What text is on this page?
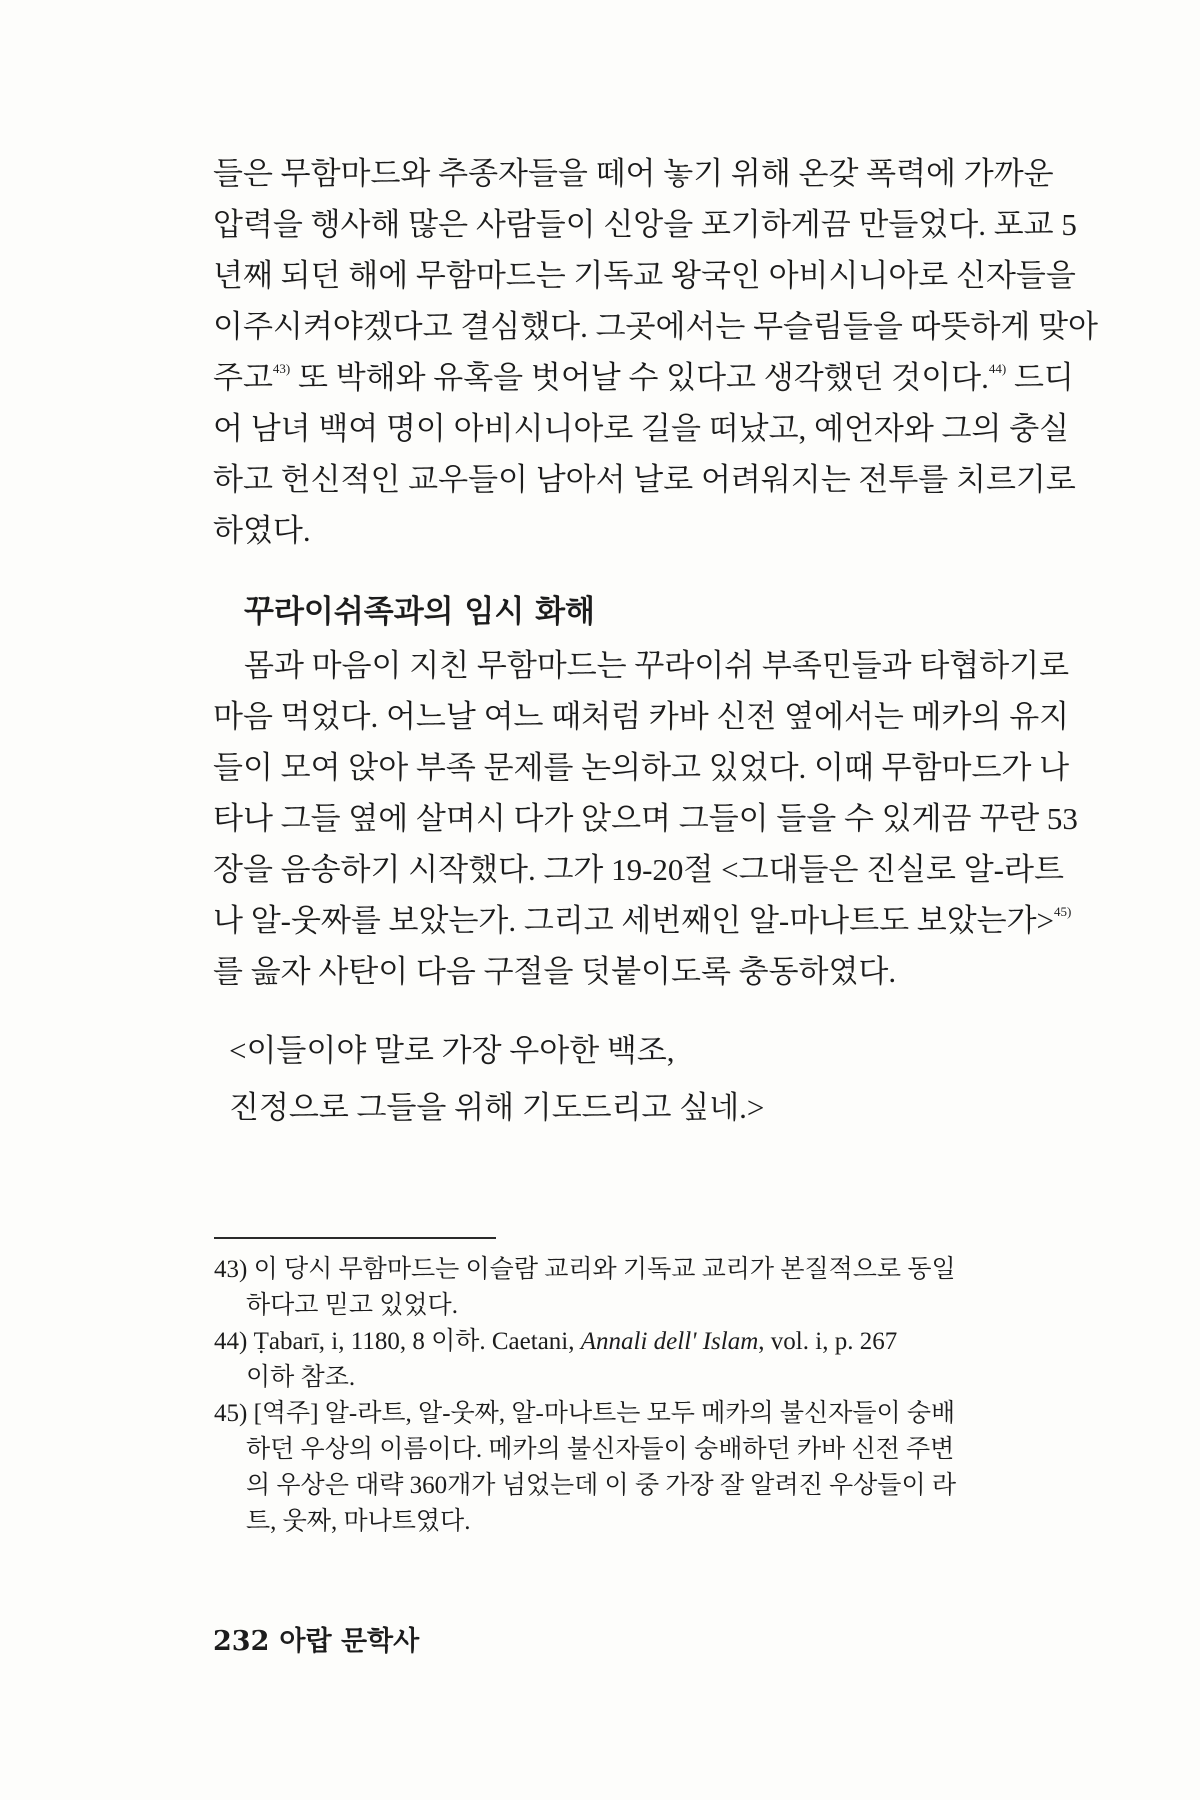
들은 무함마드와 추종자들을 떼어 놓기 위해 온갖 폭력에 가까운
압력을 행사해 많은 사람들이 신앙을 포기하게끔 만들었다. 포교 5
년째 되던 해에 무함마드는 기독교 왕국인 아비시니아로 신자들을
이주시켜야겠다고 결심했다. 그곳에서는 무슬림들을 따뜻하게 맞아
주고$^{43)}$ 또 박해와 유혹을 벗어날 수 있다고 생각했던 것이다.$^{44)}$ 드디
어 남녀 백여 명이 아비시니아로 길을 떠났고, 예언자와 그의 충실
하고 헌신적인 교우들이 남아서 날로 어려워지는 전투를 치르기로
하였다.
꾸라이쉬족과의 임시 화해
몸과 마음이 지친 무함마드는 꾸라이쉬 부족민들과 타협하기로
마음 먹었다. 어느날 여느 때처럼 카바 신전 옆에서는 메카의 유지
들이 모여 앉아 부족 문제를 논의하고 있었다. 이때 무함마드가 나
타나 그들 옆에 살며시 다가 앉으며 그들이 들을 수 있게끔 꾸란 53
장을 음송하기 시작했다. 그가 19-20절 <그대들은 진실로 알-라트
나 알-웃짜를 보았는가. 그리고 세번째인 알-마나트도 보았는가>$^{45)}$
를 읊자 사탄이 다음 구절을 덧붙이도록 충동하였다.
<이들이야 말로 가장 우아한 백조,
진정으로 그들을 위해 기도드리고 싶네.>

43) 이 당시 무함마드는 이슬람 교리와 기독교 교리가 본질적으로 동일
하다고 믿고 있었다.

44) Ṭabarī, i, 1180, 8 이하. Caetani, Annali dell' Islam, vol. i, p. 267
이하 참조.

45) [역주] 알-라트, 알-웃짜, 알-마나트는 모두 메카의 불신자들이 숭배
하던 우상의 이름이다. 메카의 불신자들이 숭배하던 카바 신전 주변
의 우상은 대략 360개가 넘었는데 이 중 가장 잘 알려진 우상들이 라
트, 웃짜, 마나트였다.

232 아랍 문학사
